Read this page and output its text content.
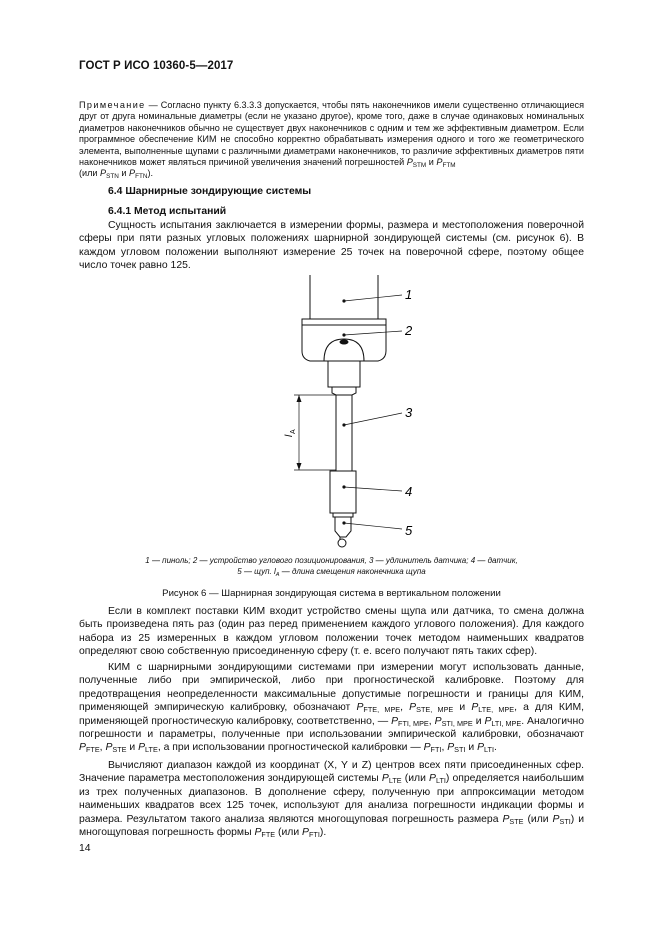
ГОСТ Р ИСО 10360-5—2017

Примечание — Согласно пункту 6.3.3.3 допускается, чтобы пять наконечников имели существенно отличающиеся друг от друга номинальные диаметры (если не указано другое), кроме того, даже в случае одинаковых номинальных диаметров наконечников обычно не существует двух наконечников с одним и тем же эффективным диаметром. Если программное обеспечение КИМ не способно корректно обрабатывать измерения одного и того же геометрического элемента, выполненные щупами с различными диаметрами наконечников, то различие эффективных диаметров пяти наконечников может являться причиной увеличения значений погрешностей $P_{STM}$ и $P_{FTM}$
(или $P_{STN}$ и $P_{FTN}$).

6.4 Шарнирные зондирующие системы
6.4.1 Метод испытаний

Сущность испытания заключается в измерении формы, размера и местоположения поверочной сферы при пяти разных угловых положениях шарнирной зондирующей системы (см. рисунок 6). В каждом угловом положении выполняют измерение 25 точек на поверочной сфере, поэтому общее число точек равно 125.

1
2
3
4
5
l
A
1 — пиноль; 2 — устройство углового позиционирования, 3 — удлинитель датчика; 4 — датчик,
5 — щуп. $l_A$ — длина смещения наконечника щупа
Рисунок 6 — Шарнирная зондирующая система в вертикальном положении

Если в комплект поставки КИМ входит устройство смены щупа или датчика, то смена должна быть произведена пять раз (один раз перед применением каждого углового положения). Для каждого набора из 25 измеренных в каждом угловом положении точек методом наименьших квадратов определяют свою собственную присоединенную сферу (т. е. всего получают пять таких сфер).

КИМ с шарнирными зондирующими системами при измерении могут использовать данные, полученные либо при эмпирической, либо при прогностической калибровке. Поэтому для предотвращения неопределенности максимальные допустимые погрешности и границы для КИМ, применяющей эмпирическую калибровку, обозначают $P_{FTE, MPE}$, $P_{STE, MPE}$ и $P_{LTE, MPE}$, а для КИМ, применяющей прогностическую калибровку, соответственно, — $P_{FTI, MPE}$, $P_{STI, MPE}$ и $P_{LTI, MPE}$. Аналогично погрешности и параметры, полученные при использовании эмпирической калибровки, обозначают $P_{FTE}$, $P_{STE}$ и $P_{LTE}$, а при использовании прогностической калибровки — $P_{FTI}$, $P_{STI}$ и $P_{LTI}$.

Вычисляют диапазон каждой из координат (X, Y и Z) центров всех пяти присоединенных сфер. Значение параметра местоположения зондирующей системы $P_{LTE}$ (или $P_{LTI}$) определяется наибольшим из трех полученных диапазонов. В дополнение сферу, полученную при аппроксимации методом наименьших квадратов всех 125 точек, используют для анализа погрешности индикации формы и размера. Результатом такого анализа являются многощуповая погрешность размера $P_{STE}$ (или $P_{STI}$) и многощуповая погрешность формы $P_{FTE}$ (или $P_{FTI}$).

14
